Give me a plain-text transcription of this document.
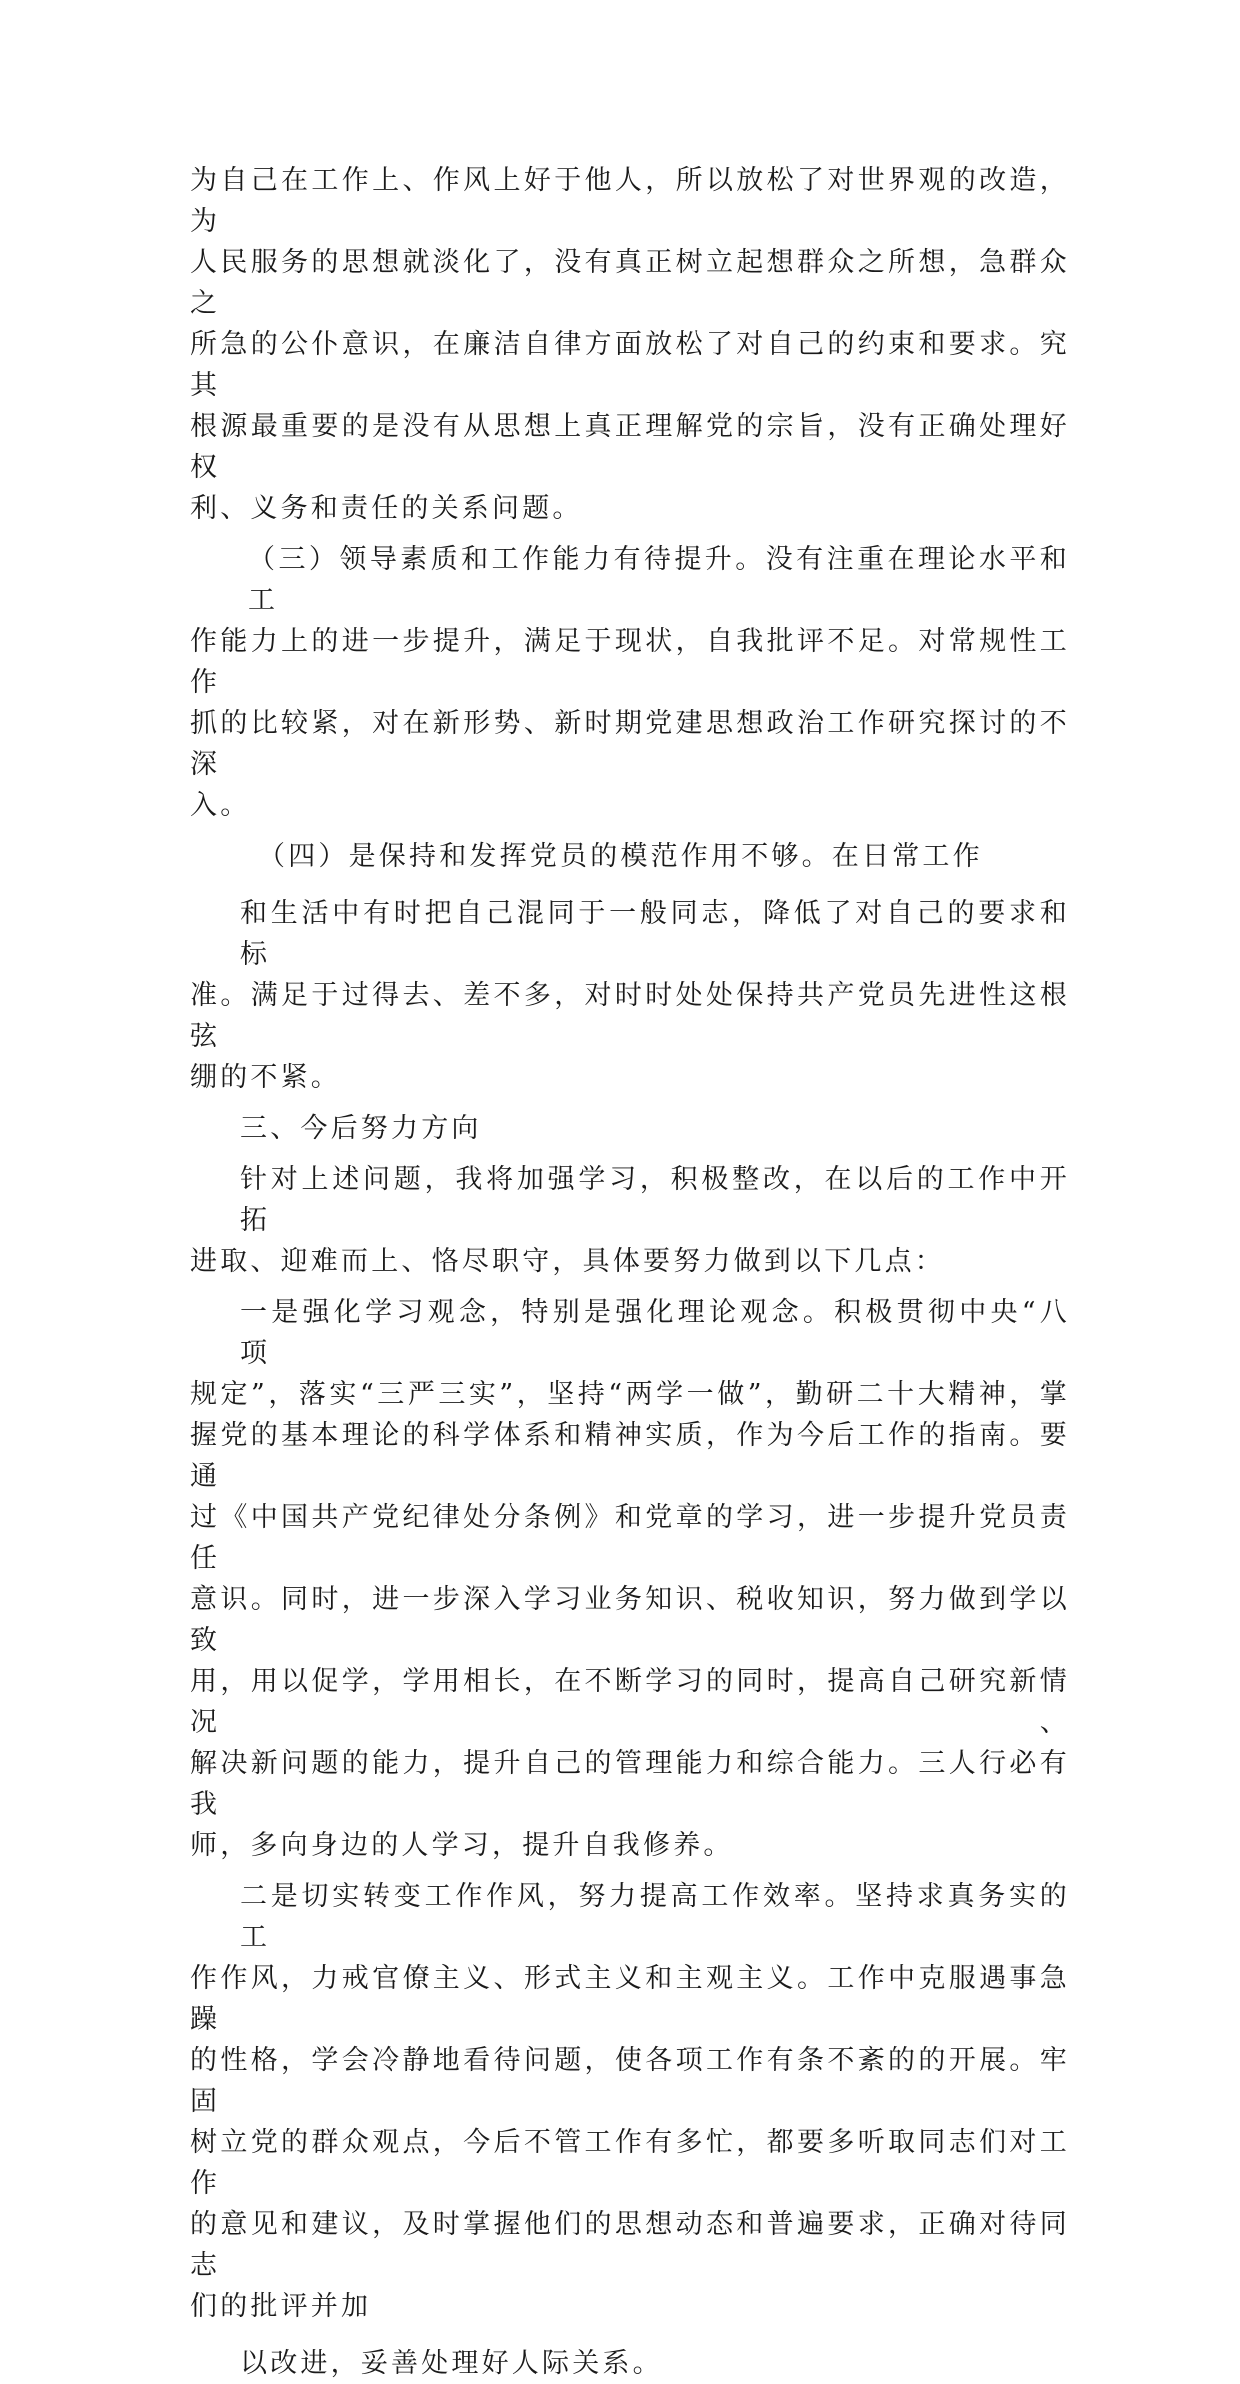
为自己在工作上、作风上好于他人，所以放松了对世界观的改造，为
人民服务的思想就淡化了，没有真正树立起想群众之所想，急群众之
所急的公仆意识，在廉洁自律方面放松了对自己的约束和要求。究其
根源最重要的是没有从思想上真正理解党的宗旨，没有正确处理好权
利、义务和责任的关系问题。
（三）领导素质和工作能力有待提升。没有注重在理论水平和工
作能力上的进一步提升，满足于现状，自我批评不足。对常规性工作
抓的比较紧，对在新形势、新时期党建思想政治工作研究探讨的不深
入。
（四）是保持和发挥党员的模范作用不够。在日常工作
和生活中有时把自己混同于一般同志，降低了对自己的要求和标
准。满足于过得去、差不多，对时时处处保持共产党员先进性这根弦
绷的不紧。
三、今后努力方向
针对上述问题，我将加强学习，积极整改，在以后的工作中开拓
进取、迎难而上、恪尽职守，具体要努力做到以下几点：
一是强化学习观念，特别是强化理论观念。积极贯彻中央“八项
规定”，落实“三严三实”，坚持“两学一做”，勤研二十大精神，掌
握党的基本理论的科学体系和精神实质，作为今后工作的指南。要通
过《中国共产党纪律处分条例》和党章的学习，进一步提升党员责任
意识。同时，进一步深入学习业务知识、税收知识，努力做到学以致
用，用以促学，学用相长，在不断学习的同时，提高自己研究新情况、
解决新问题的能力，提升自己的管理能力和综合能力。三人行必有我
师，多向身边的人学习，提升自我修养。
二是切实转变工作作风，努力提高工作效率。坚持求真务实的工
作作风，力戒官僚主义、形式主义和主观主义。工作中克服遇事急躁
的性格，学会冷静地看待问题，使各项工作有条不紊的的开展。牢固
树立党的群众观点，今后不管工作有多忙，都要多听取同志们对工作
的意见和建议，及时掌握他们的思想动态和普遍要求，正确对待同志
们的批评并加
以改进，妥善处理好人际关系。
